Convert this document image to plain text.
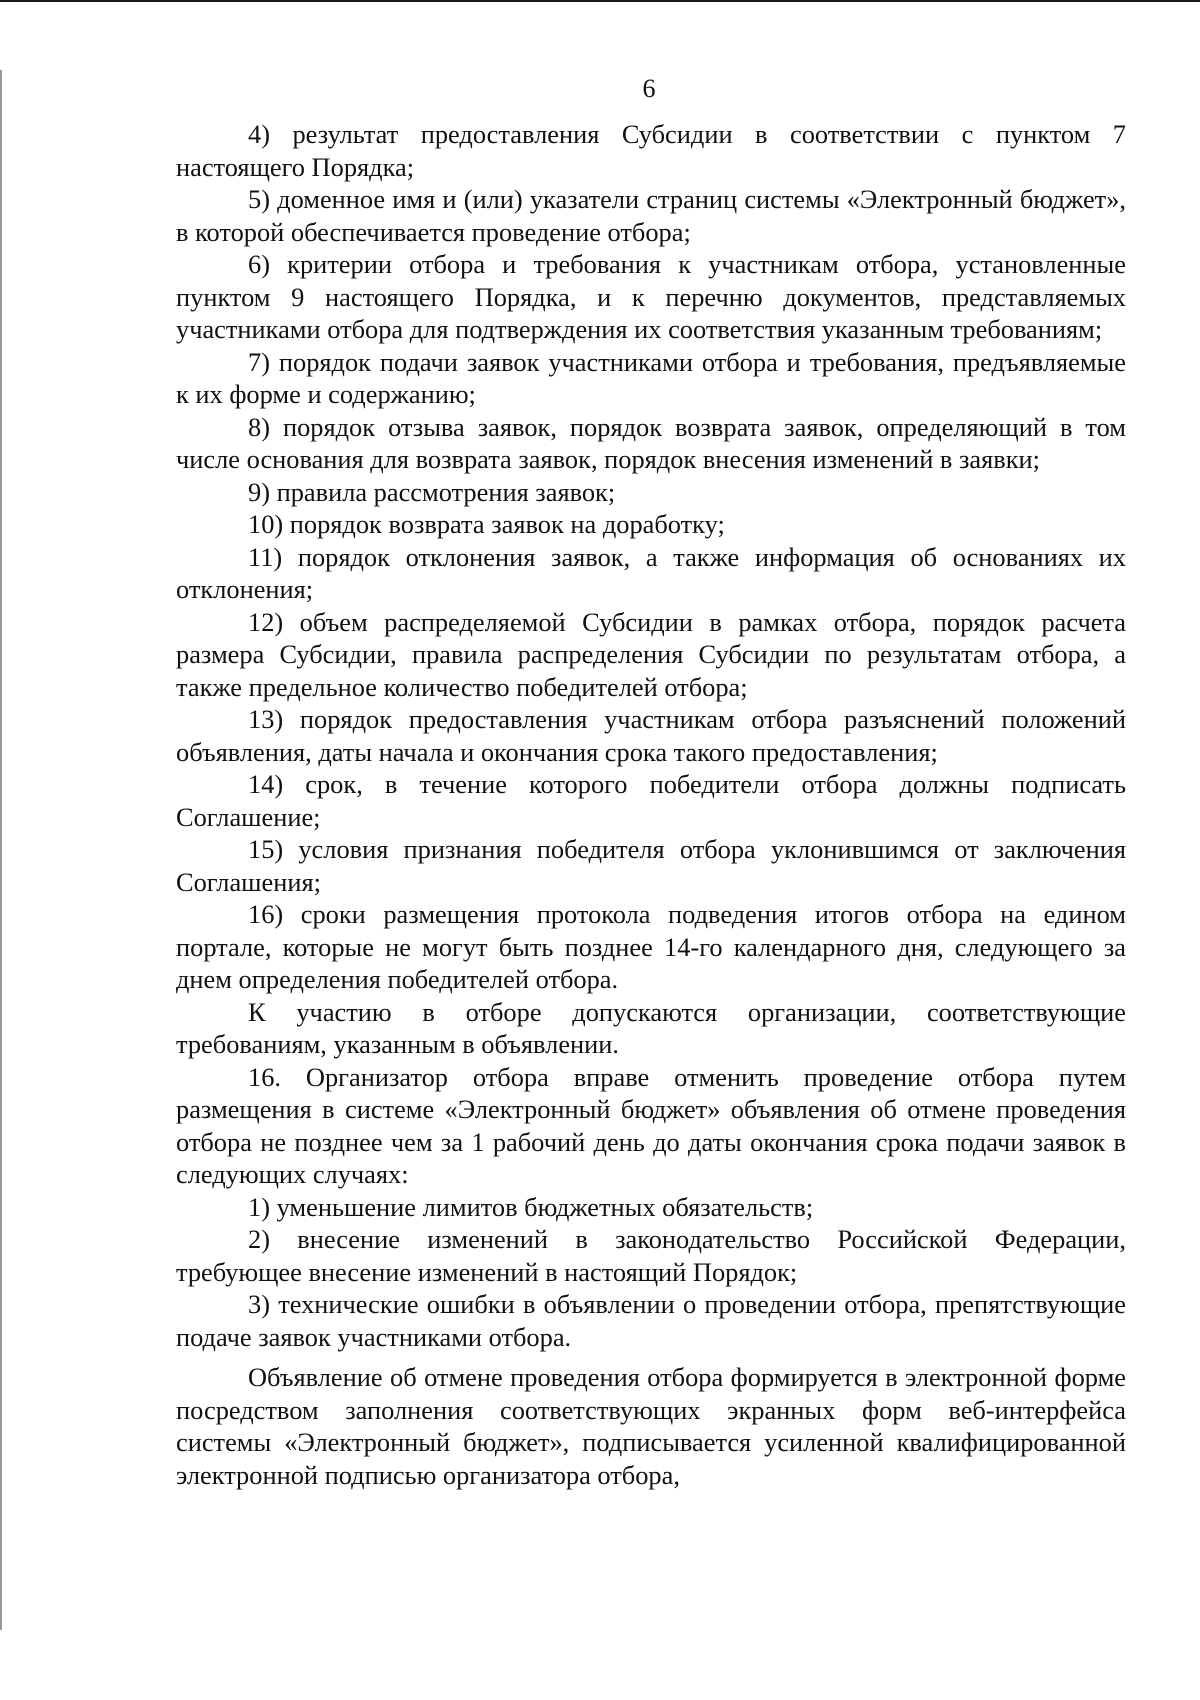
6

4) результат предоставления Субсидии в соответствии с пунктом 7 настоящего Порядка;

5) доменное имя и (или) указатели страниц системы «Электронный бюджет», в которой обеспечивается проведение отбора;

6) критерии отбора и требования к участникам отбора, установленные пунктом 9 настоящего Порядка, и к перечню документов, представляемых участниками отбора для подтверждения их соответствия указанным требованиям;

7) порядок подачи заявок участниками отбора и требования, предъявляемые к их форме и содержанию;

8) порядок отзыва заявок, порядок возврата заявок, определяющий в том числе основания для возврата заявок, порядок внесения изменений в заявки;

9) правила рассмотрения заявок;

10) порядок возврата заявок на доработку;

11) порядок отклонения заявок, а также информация об основаниях их отклонения;

12) объем распределяемой Субсидии в рамках отбора, порядок расчета размера Субсидии, правила распределения Субсидии по результатам отбора, а также предельное количество победителей отбора;

13) порядок предоставления участникам отбора разъяснений положений объявления, даты начала и окончания срока такого предоставления;

14) срок, в течение которого победители отбора должны подписать Соглашение;

15) условия признания победителя отбора уклонившимся от заключения Соглашения;

16) сроки размещения протокола подведения итогов отбора на едином портале, которые не могут быть позднее 14-го календарного дня, следующего за днем определения победителей отбора.

К участию в отборе допускаются организации, соответствующие требованиям, указанным в объявлении.

16. Организатор отбора вправе отменить проведение отбора путем размещения в системе «Электронный бюджет» объявления об отмене проведения отбора не позднее чем за 1 рабочий день до даты окончания срока подачи заявок в следующих случаях:

1) уменьшение лимитов бюджетных обязательств;

2) внесение изменений в законодательство Российской Федерации, требующее внесение изменений в настоящий Порядок;

3) технические ошибки в объявлении о проведении отбора, препятствующие подаче заявок участниками отбора.

Объявление об отмене проведения отбора формируется в электронной форме посредством заполнения соответствующих экранных форм веб-интерфейса системы «Электронный бюджет», подписывается усиленной квалифицированной электронной подписью организатора отбора,
